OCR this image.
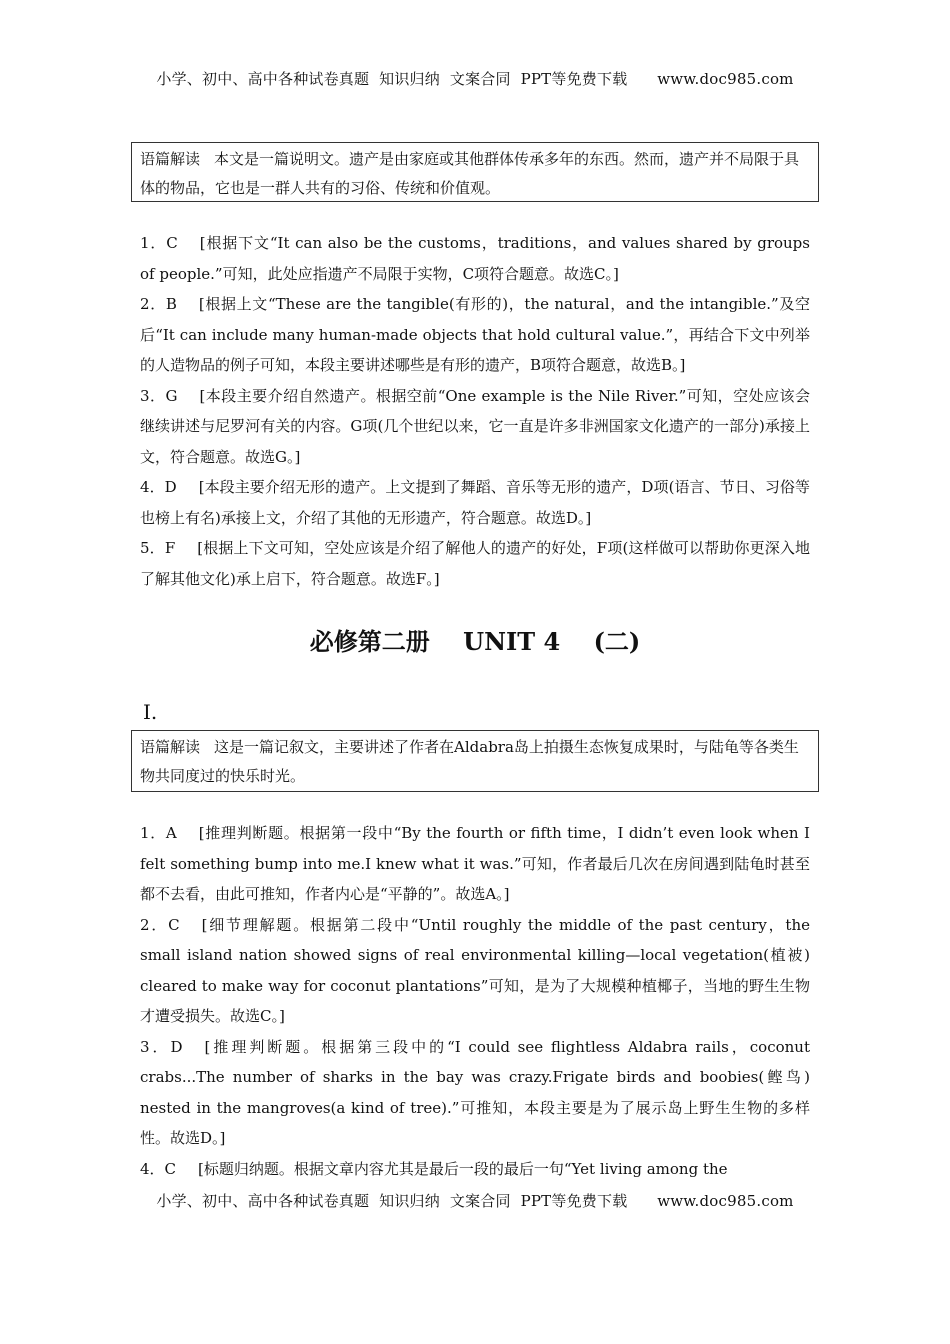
小学、初中、高中各种试卷真题  知识归纳  文案合同  PPT等免费下载      www.doc985.com
语篇解读 本文是一篇说明文。遗产是由家庭或其他群体传承多年的东西。然而，遗产并不局限于具体的物品，它也是一群人共有的习俗、传统和价值观。

1．C [根据下文“It can also be the customs，traditions，and values shared by groups of people.”可知，此处应指遗产不局限于实物，C项符合题意。故选C。]

2．B [根据上文“These are the tangible(有形的)，the natural，and the intangible.”及空后“It can include many human-made objects that hold cultural value.”，再结合下文中列举的人造物品的例子可知，本段主要讲述哪些是有形的遗产，B项符合题意，故选B。]

3．G [本段主要介绍自然遗产。根据空前“One example is the Nile River.”可知，空处应该会继续讲述与尼罗河有关的内容。G项(几个世纪以来，它一直是许多非洲国家文化遗产的一部分)承接上文，符合题意。故选G。]

4．D [本段主要介绍无形的遗产。上文提到了舞蹈、音乐等无形的遗产，D项(语言、节日、习俗等也榜上有名)承接上文，介绍了其他的无形遗产，符合题意。故选D。]

5．F [根据上下文可知，空处应该是介绍了解他人的遗产的好处，F项(这样做可以帮助你更深入地了解其他文化)承上启下，符合题意。故选F。]

必修第二册    UNIT 4    (二)
Ⅰ.
语篇解读 这是一篇记叙文，主要讲述了作者在Aldabra岛上拍摄生态恢复成果时，与陆龟等各类生物共同度过的快乐时光。

1．A [推理判断题。根据第一段中“By the fourth or fifth time，I didn’t even look when I felt something bump into me.I knew what it was.”可知，作者最后几次在房间遇到陆龟时甚至都不去看，由此可推知，作者内心是“平静的”。故选A。]

2．C [细节理解题。根据第二段中“Until roughly the middle of the past century，the small island nation showed signs of real environmental killing—local vegetation(植被) cleared to make way for coconut plantations”可知，是为了大规模种植椰子，当地的野生生物才遭受损失。故选C。]

3．D [推理判断题。根据第三段中的“I could see flightless Aldabra rails，coconut crabs...The number of sharks in the bay was crazy.Frigate birds and boobies(鲣鸟) nested in the mangroves(a kind of tree).”可推知，本段主要是为了展示岛上野生生物的多样性。故选D。]

4．C [标题归纳题。根据文章内容尤其是最后一段的最后一句“Yet living among the

小学、初中、高中各种试卷真题  知识归纳  文案合同  PPT等免费下载      www.doc985.com
